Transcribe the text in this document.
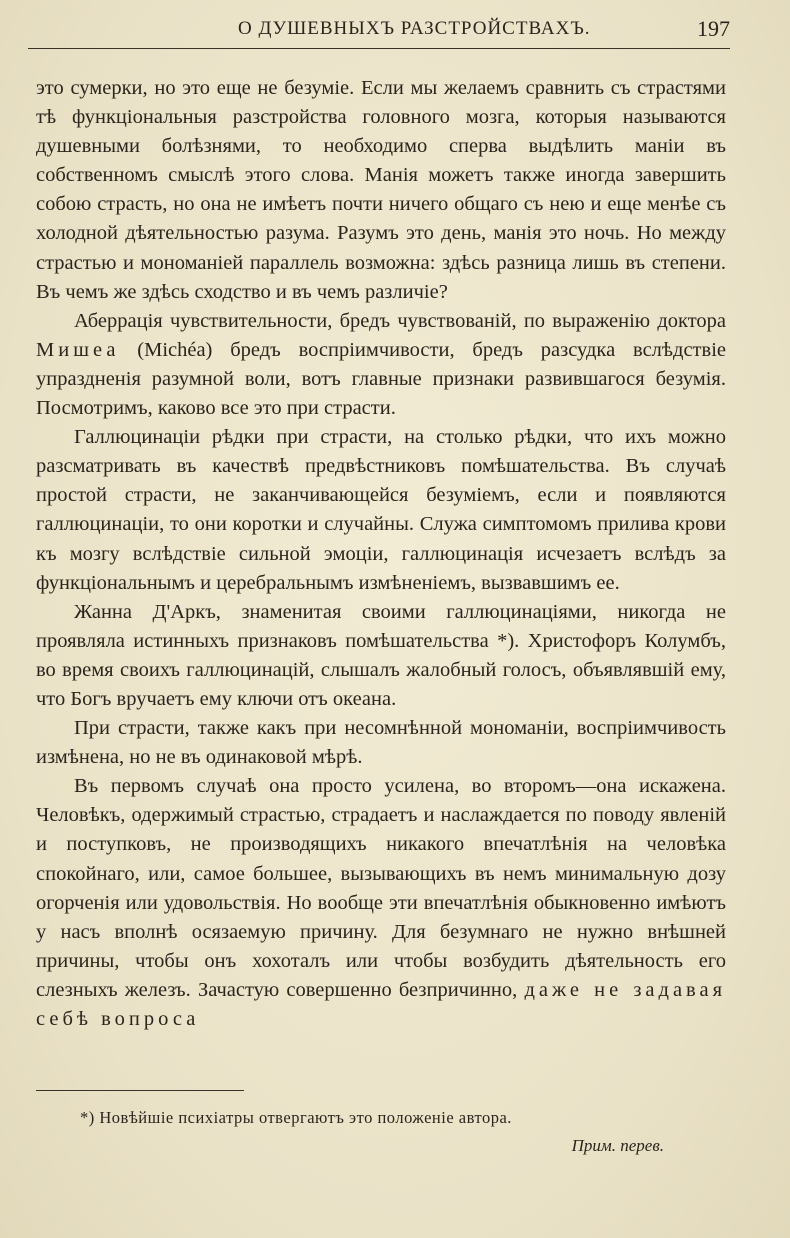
О ДУШЕВНЫХЪ РАЗСТРОЙСТВАХЪ.	197

это сумерки, но это еще не безуміе. Если мы желаемъ сравнить съ страстями тѣ функціональныя разстройства головного мозга, которыя называются душевными болѣзнями, то необходимо сперва выдѣлить маніи въ собственномъ смыслѣ этого слова. Манія можетъ также иногда завершить собою страсть, но она не имѣетъ почти ничего общаго съ нею и еще менѣе съ холодной дѣятельностью разума. Разумъ это день, манія это ночь. Но между страстью и мономаніей параллель возможна: здѣсь разница лишь въ степени. Въ чемъ же здѣсь сходство и въ чемъ различіе?

Аберрація чувствительности, бредъ чувствованій, по выраженію доктора Мишеа (Michéa) бредъ воспріимчивости, бредъ разсудка вслѣдствіе упраздненія разумной воли, вотъ главные признаки развившагося безумія. Посмотримъ, каково все это при страсти.

Галлюцинаціи рѣдки при страсти, на столько рѣдки, что ихъ можно разсматривать въ качествѣ предвѣстниковъ помѣшательства. Въ случаѣ простой страсти, не заканчивающейся безуміемъ, если и появляются галлюцинаціи, то они коротки и случайны. Служа симптомомъ прилива крови къ мозгу вслѣдствіе сильной эмоціи, галлюцинація исчезаетъ вслѣдъ за функціональнымъ и церебральнымъ измѣненіемъ, вызвавшимъ ее.

Жанна Д'Аркъ, знаменитая своими галлюцинаціями, никогда не проявляла истинныхъ признаковъ помѣшательства *). Христофоръ Колумбъ, во время своихъ галлюцинацій, слышалъ жалобный голосъ, объявлявшій ему, что Богъ вручаетъ ему ключи отъ океана.

При страсти, также какъ при несомнѣнной мономаніи, воспріимчивость измѣнена, но не въ одинаковой мѣрѣ.

Въ первомъ случаѣ она просто усилена, во второмъ—она искажена. Человѣкъ, одержимый страстью, страдаетъ и наслаждается по поводу явленій и поступковъ, не производящихъ никакого впечатлѣнія на человѣка спокойнаго, или, самое большее, вызывающихъ въ немъ минимальную дозу огорченія или удовольствія. Но вообще эти впечатлѣнія обыкновенно имѣютъ у насъ вполнѣ осязаемую причину. Для безумнаго не нужно внѣшней причины, чтобы онъ хохоталъ или чтобы возбудить дѣятельность его слезныхъ железъ. Зачастую совершенно безпричинно, даже не задавая себѣ вопроса

*) Новѣйшіе психіатры отвергаютъ это положеніе автора.
Прим. перев.
